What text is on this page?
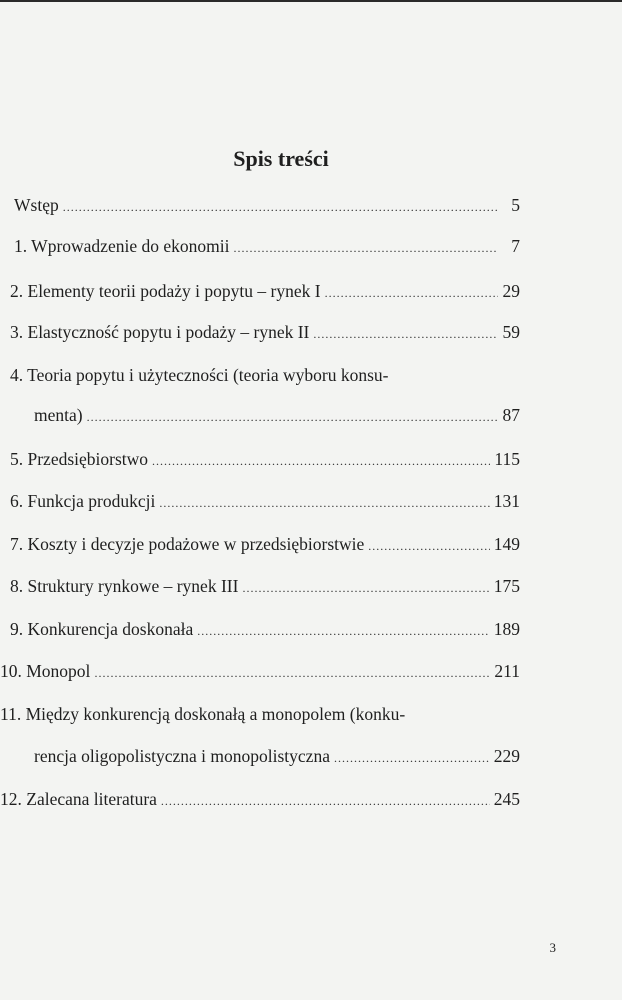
Spis treści
Wstęp .....	5
1. Wprowadzenie do ekonomii .....	7
2. Elementy teorii podaży i popytu – rynek I .....	29
3. Elastyczność popytu i podaży – rynek II .....	59
4. Teoria popytu i użyteczności (teoria wyboru konsu-
menta) .....	87
5. Przedsiębiorstwo .....	115
6. Funkcja produkcji .....	131
7. Koszty i decyzje podażowe w przedsiębiorstwie .....	149
8. Struktury rynkowe – rynek III .....	175
9. Konkurencja doskonała .....	189
10. Monopol .....	211
11. Między konkurencją doskonałą a monopolem (konku-
rencja oligopolistyczna i monopolistyczna .....	229
12. Zalecana literatura .....	245
3
